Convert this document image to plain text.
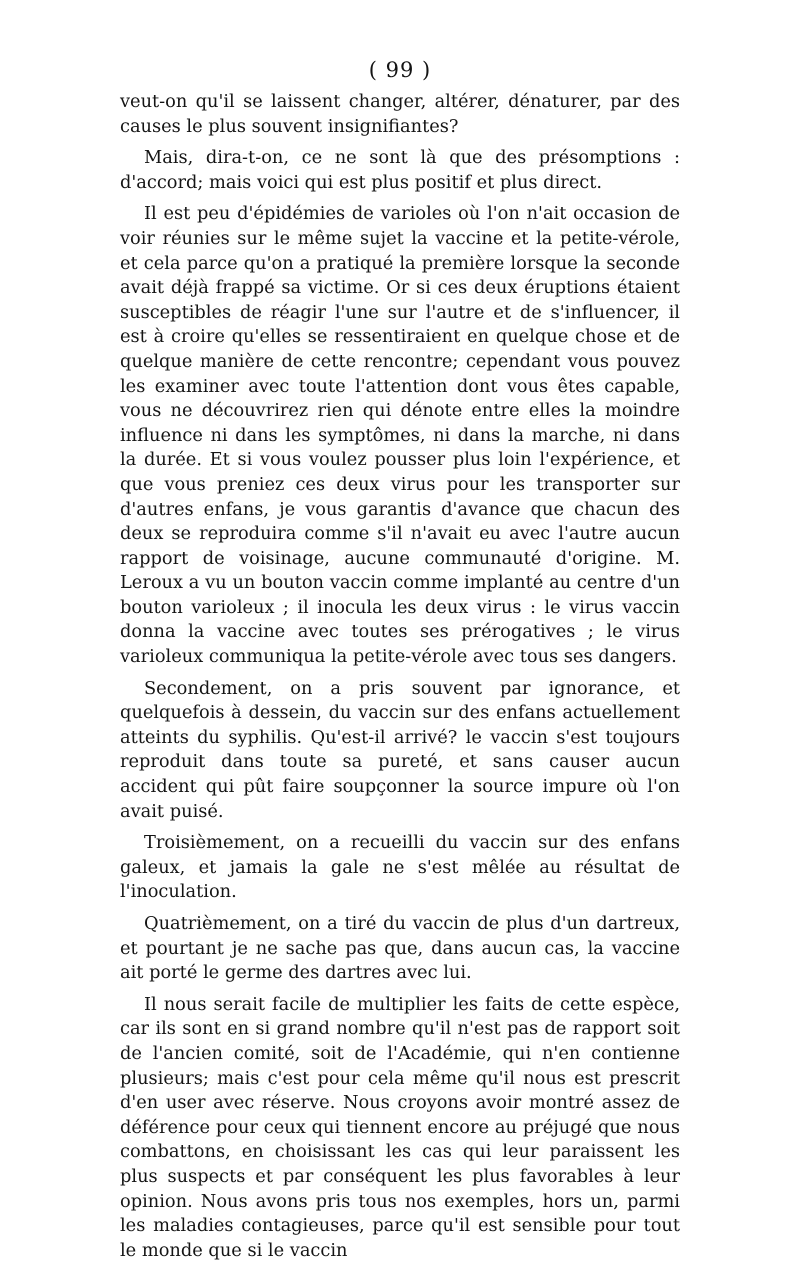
( 99 )

veut-on qu'il se laissent changer, altérer, dénaturer, par des causes le plus souvent insignifiantes?

Mais, dira-t-on, ce ne sont là que des présomptions : d'accord; mais voici qui est plus positif et plus direct.

Il est peu d'épidémies de varioles où l'on n'ait occasion de voir réunies sur le même sujet la vaccine et la petite-vérole, et cela parce qu'on a pratiqué la première lorsque la seconde avait déjà frappé sa victime. Or si ces deux éruptions étaient susceptibles de réagir l'une sur l'autre et de s'influencer, il est à croire qu'elles se ressentiraient en quelque chose et de quelque manière de cette rencontre; cependant vous pouvez les examiner avec toute l'attention dont vous êtes capable, vous ne découvrirez rien qui dénote entre elles la moindre influence ni dans les symptômes, ni dans la marche, ni dans la durée. Et si vous voulez pousser plus loin l'expérience, et que vous preniez ces deux virus pour les transporter sur d'autres enfans, je vous garantis d'avance que chacun des deux se reproduira comme s'il n'avait eu avec l'autre aucun rapport de voisinage, aucune communauté d'origine. M. Leroux a vu un bouton vaccin comme implanté au centre d'un bouton varioleux ; il inocula les deux virus : le virus vaccin donna la vaccine avec toutes ses prérogatives ; le virus varioleux communiqua la petite-vérole avec tous ses dangers.

Secondement, on a pris souvent par ignorance, et quelquefois à dessein, du vaccin sur des enfans actuellement atteints du syphilis. Qu'est-il arrivé? le vaccin s'est toujours reproduit dans toute sa pureté, et sans causer aucun accident qui pût faire soupçonner la source impure où l'on avait puisé.

Troisièmement, on a recueilli du vaccin sur des enfans galeux, et jamais la gale ne s'est mêlée au résultat de l'inoculation.

Quatrièmement, on a tiré du vaccin de plus d'un dartreux, et pourtant je ne sache pas que, dans aucun cas, la vaccine ait porté le germe des dartres avec lui.

Il nous serait facile de multiplier les faits de cette espèce, car ils sont en si grand nombre qu'il n'est pas de rapport soit de l'ancien comité, soit de l'Académie, qui n'en contienne plusieurs; mais c'est pour cela même qu'il nous est prescrit d'en user avec réserve. Nous croyons avoir montré assez de déférence pour ceux qui tiennent encore au préjugé que nous combattons, en choisissant les cas qui leur paraissent les plus suspects et par conséquent les plus favorables à leur opinion. Nous avons pris tous nos exemples, hors un, parmi les maladies contagieuses, parce qu'il est sensible pour tout le monde que si le vaccin
